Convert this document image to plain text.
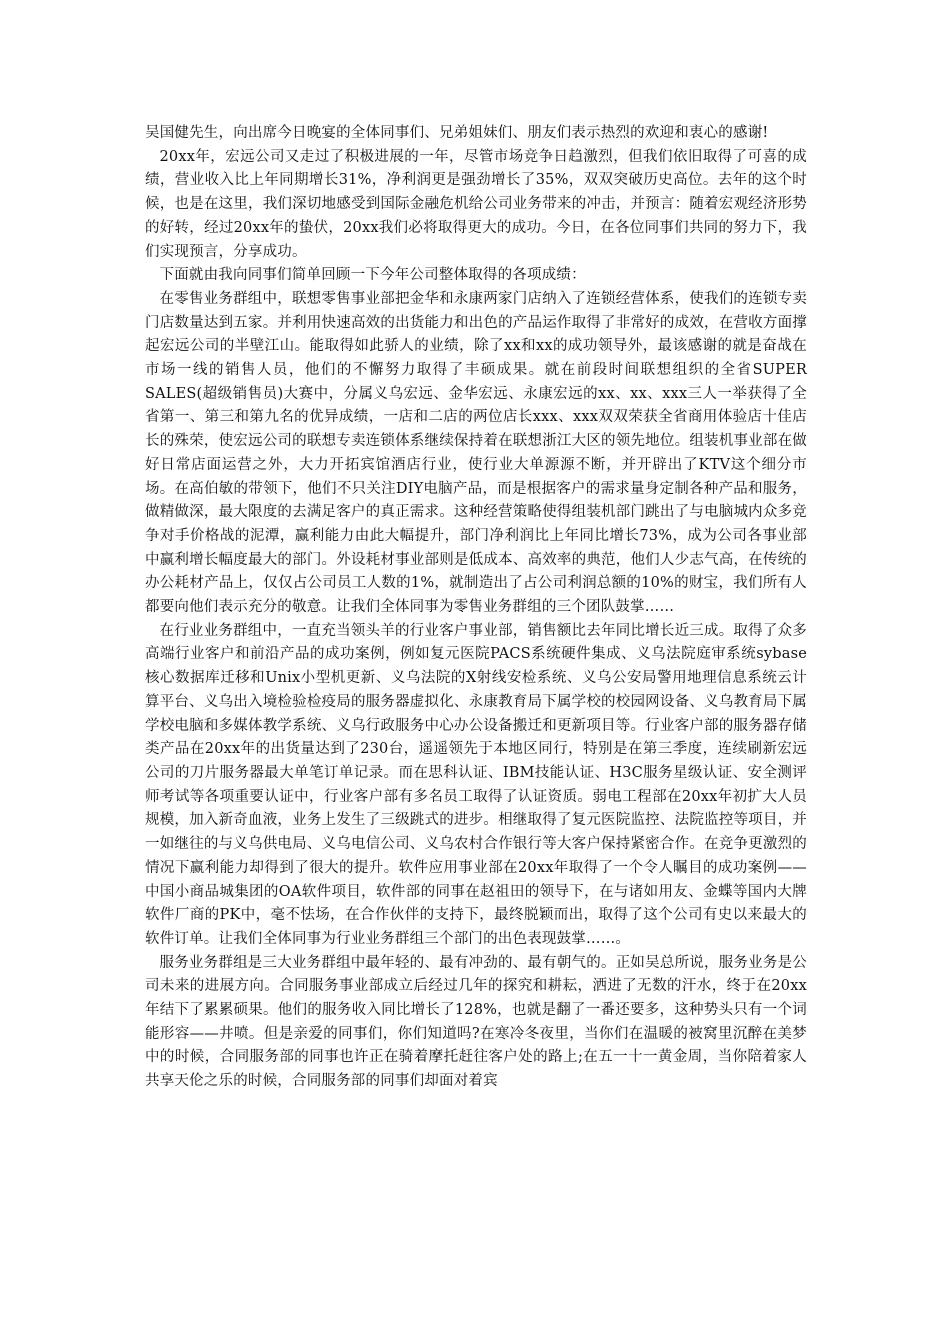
吴国健先生，向出席今日晚宴的全体同事们、兄弟姐妹们、朋友们表示热烈的欢迎和衷心的感谢!

20xx年，宏远公司又走过了积极进展的一年，尽管市场竞争日趋激烈，但我们依旧取得了可喜的成绩，营业收入比上年同期增长31%，净利润更是强劲增长了35%，双双突破历史高位。去年的这个时候，也是在这里，我们深切地感受到国际金融危机给公司业务带来的冲击，并预言：随着宏观经济形势的好转，经过20xx年的蛰伏，20xx我们必将取得更大的成功。今日，在各位同事们共同的努力下，我们实现预言，分享成功。

下面就由我向同事们简单回顾一下今年公司整体取得的各项成绩：

在零售业务群组中，联想零售事业部把金华和永康两家门店纳入了连锁经营体系，使我们的连锁专卖门店数量达到五家。并利用快速高效的出货能力和出色的产品运作取得了非常好的成效，在营收方面撑起宏远公司的半壁江山。能取得如此骄人的业绩，除了xx和xx的成功领导外，最该感谢的就是奋战在市场一线的销售人员，他们的不懈努力取得了丰硕成果。就在前段时间联想组织的全省SUPER SALES(超级销售员)大赛中，分属义乌宏远、金华宏远、永康宏远的xx、xx、xxx三人一举获得了全省第一、第三和第九名的优异成绩，一店和二店的两位店长xxx、xxx双双荣获全省商用体验店十佳店长的殊荣，使宏远公司的联想专卖连锁体系继续保持着在联想浙江大区的领先地位。组装机事业部在做好日常店面运营之外，大力开拓宾馆酒店行业，使行业大单源源不断，并开辟出了KTV这个细分市场。在高伯敏的带领下，他们不只关注DIY电脑产品，而是根据客户的需求量身定制各种产品和服务，做精做深，最大限度的去满足客户的真正需求。这种经营策略使得组装机部门跳出了与电脑城内众多竞争对手价格战的泥潭，赢利能力由此大幅提升，部门净利润比上年同比增长73%，成为公司各事业部中赢利增长幅度最大的部门。外设耗材事业部则是低成本、高效率的典范，他们人少志气高，在传统的办公耗材产品上，仅仅占公司员工人数的1%，就制造出了占公司利润总额的10%的财宝，我们所有人都要向他们表示充分的敬意。让我们全体同事为零售业务群组的三个团队鼓掌……

在行业业务群组中，一直充当领头羊的行业客户事业部，销售额比去年同比增长近三成。取得了众多高端行业客户和前沿产品的成功案例，例如复元医院PACS系统硬件集成、义乌法院庭审系统sybase核心数据库迁移和Unix小型机更新、义乌法院的X射线安检系统、义乌公安局警用地理信息系统云计算平台、义乌出入境检验检疫局的服务器虚拟化、永康教育局下属学校的校园网设备、义乌教育局下属学校电脑和多媒体教学系统、义乌行政服务中心办公设备搬迁和更新项目等。行业客户部的服务器存储类产品在20xx年的出货量达到了230台，遥遥领先于本地区同行，特别是在第三季度，连续刷新宏远公司的刀片服务器最大单笔订单记录。而在思科认证、IBM技能认证、H3C服务星级认证、安全测评师考试等各项重要认证中，行业客户部有多名员工取得了认证资质。弱电工程部在20xx年初扩大人员规模，加入新奇血液，业务上发生了三级跳式的进步。相继取得了复元医院监控、法院监控等项目，并一如继往的与义乌供电局、义乌电信公司、义乌农村合作银行等大客户保持紧密合作。在竞争更激烈的情况下赢利能力却得到了很大的提升。软件应用事业部在20xx年取得了一个令人瞩目的成功案例——中国小商品城集团的OA软件项目，软件部的同事在赵祖田的领导下，在与诸如用友、金蝶等国内大牌软件厂商的PK中，毫不怯场，在合作伙伴的支持下，最终脱颖而出，取得了这个公司有史以来最大的软件订单。让我们全体同事为行业业务群组三个部门的出色表现鼓掌……。

服务业务群组是三大业务群组中最年轻的、最有冲劲的、最有朝气的。正如吴总所说，服务业务是公司未来的进展方向。合同服务事业部成立后经过几年的探究和耕耘，洒进了无数的汗水，终于在20xx年结下了累累硕果。他们的服务收入同比增长了128%，也就是翻了一番还要多，这种势头只有一个词能形容——井喷。但是亲爱的同事们，你们知道吗?在寒冷冬夜里，当你们在温暖的被窝里沉醉在美梦中的时候，合同服务部的同事也许正在骑着摩托赶往客户处的路上;在五一十一黄金周，当你陪着家人共享天伦之乐的时候，合同服务部的同事们却面对着宾
